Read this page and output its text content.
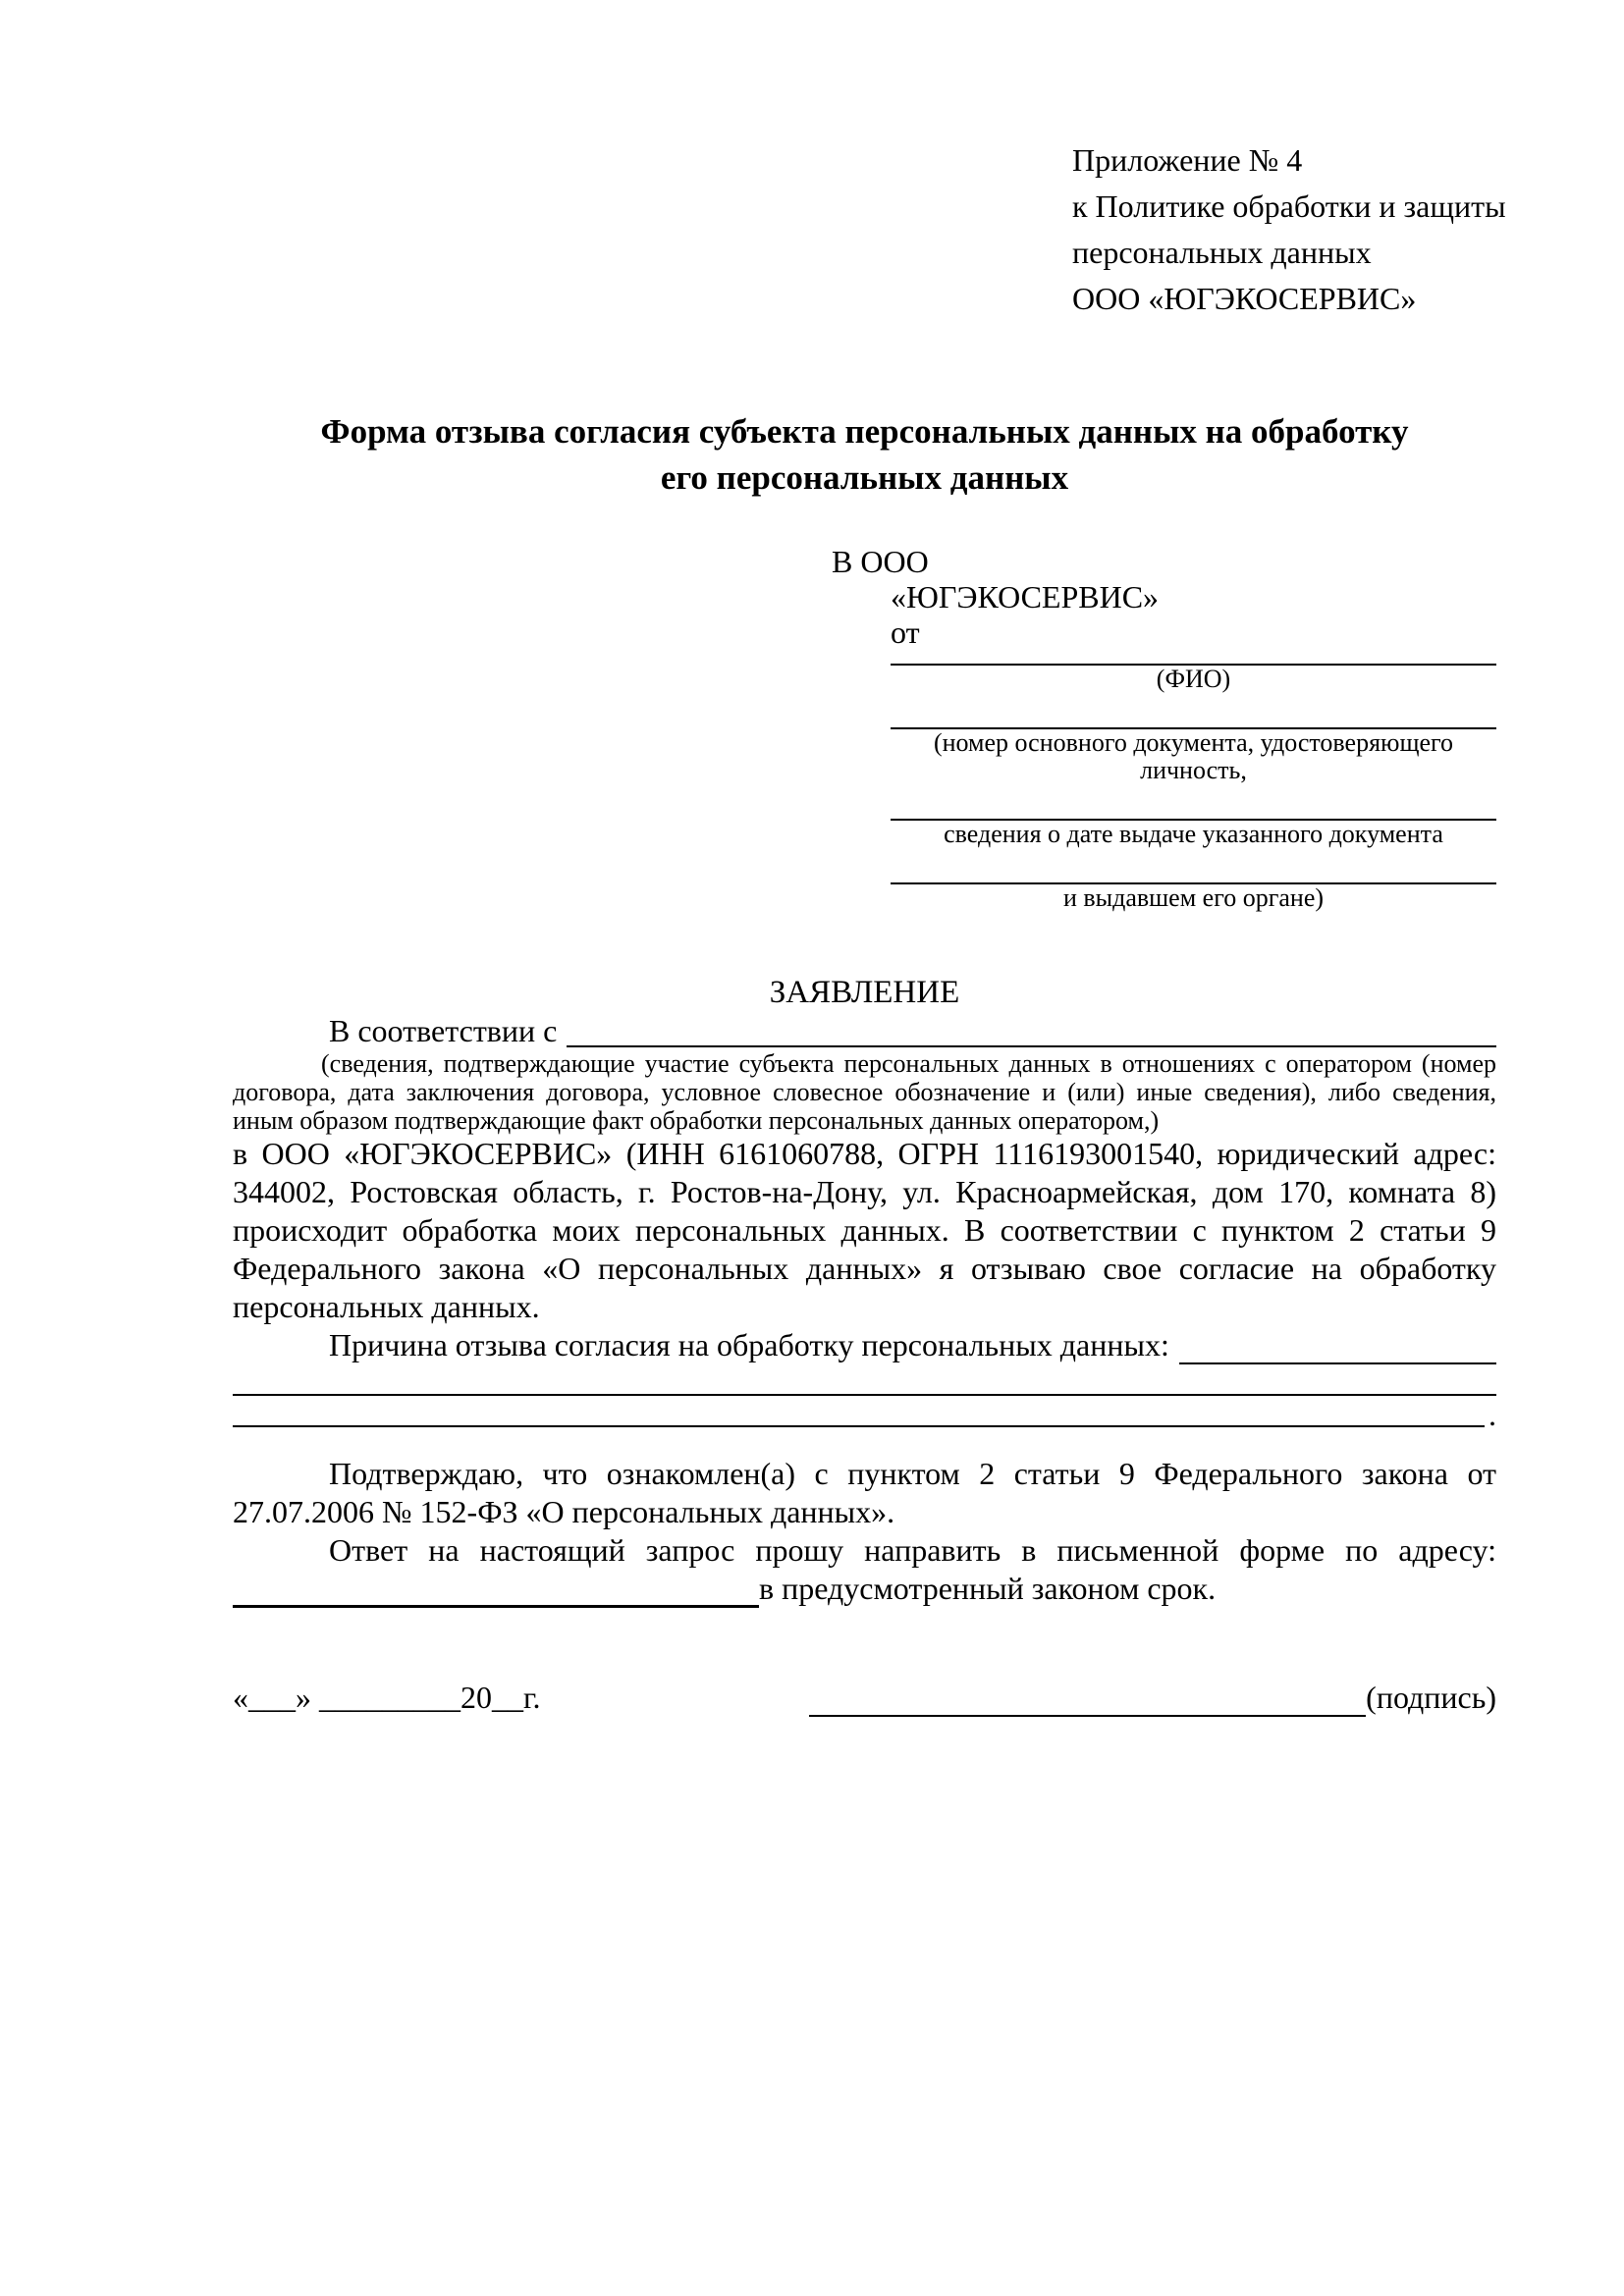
Приложение № 4
к Политике обработки и защиты
персональных данных
ООО «ЮГЭКОСЕРВИС»
Форма отзыва согласия субъекта персональных данных на обработку
его персональных данных
В ООО
«ЮГЭКОСЕРВИС»
от
(ФИО)
(номер основного документа, удостоверяющего личность,
сведения о дате выдаче указанного документа
и выдавшем его органе)
ЗАЯВЛЕНИЕ
В соответствии с

(сведения, подтверждающие участие субъекта персональных данных в отношениях с оператором (номер договора, дата заключения договора, условное словесное обозначение и (или) иные сведения), либо сведения, иным образом подтверждающие факт обработки персональных данных оператором,)

в ООО «ЮГЭКОСЕРВИС» (ИНН 6161060788, ОГРН 1116193001540, юридический адрес: 344002, Ростовская область, г. Ростов-на-Дону, ул. Красноармейская, дом 170, комната 8) происходит обработка моих персональных данных. В соответствии с пунктом 2 статьи 9 Федерального закона «О персональных данных» я отзываю свое согласие на обработку персональных данных.

Причина отзыва согласия на обработку персональных данных:
.

Подтверждаю, что ознакомлен(а) с пунктом 2 статьи 9 Федерального закона от 27.07.2006 № 152-ФЗ «О персональных данных».

Ответ на настоящий запрос прошу направить в письменной форме по адресу:
в предусмотренный законом срок.
«___» _________20__г.	(подпись)
